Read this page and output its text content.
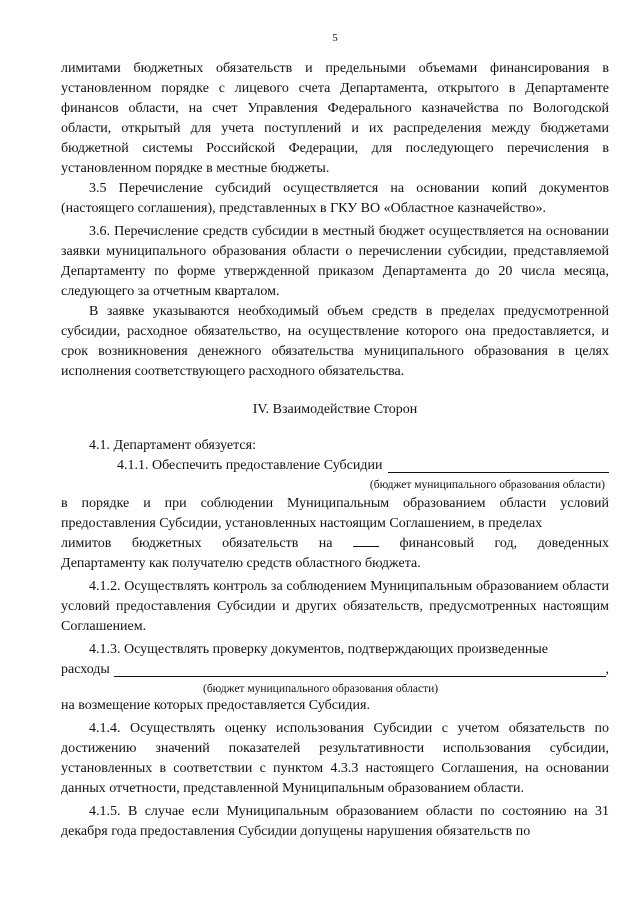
5

лимитами бюджетных обязательств и предельными объемами финансирования в установленном порядке с лицевого счета Департамента, открытого в Департаменте финансов области, на счет Управления Федерального казначейства по Вологодской области, открытый для учета поступлений и их распределения между бюджетами бюджетной системы Российской Федерации, для последующего перечисления в установленном порядке в местные бюджеты.

3.5 Перечисление субсидий осуществляется на основании копий документов (настоящего соглашения), представленных в ГКУ ВО «Областное казначейство».

3.6. Перечисление средств субсидии в местный бюджет осуществляется на основании заявки муниципального образования области о перечислении субсидии, представляемой Департаменту по форме утвержденной приказом Департамента до 20 числа месяца, следующего за отчетным кварталом.

В заявке указываются необходимый объем средств в пределах предусмотренной субсидии, расходное обязательство, на осуществление которого она предоставляется, и срок возникновения денежного обязательства муниципального образования в целях исполнения соответствующего расходного обязательства.

IV. Взаимодействие Сторон

4.1. Департамент обязуется:

4.1.1. Обеспечить предоставление Субсидии
(бюджет муниципального образования области)

в порядке и при соблюдении Муниципальным образованием области условий предоставления Субсидии, установленных настоящим Соглашением, в пределах

лимитов бюджетных обязательств на	финансовый год, доведенных

Департаменту как получателю средств областного бюджета.

4.1.2. Осуществлять контроль за соблюдением Муниципальным образованием области условий предоставления Субсидии и других обязательств, предусмотренных настоящим Соглашением.

4.1.3. Осуществлять проверку документов, подтверждающих произведенные

расходы	,
(бюджет муниципального образования области)

на возмещение которых предоставляется Субсидия.

4.1.4. Осуществлять оценку использования Субсидии с учетом обязательств по достижению значений показателей результативности использования субсидии, установленных в соответствии с пунктом 4.3.3 настоящего Соглашения, на основании данных отчетности, представленной Муниципальным образованием области.

4.1.5. В случае если Муниципальным образованием области по состоянию на 31 декабря года предоставления Субсидии допущены нарушения обязательств по
